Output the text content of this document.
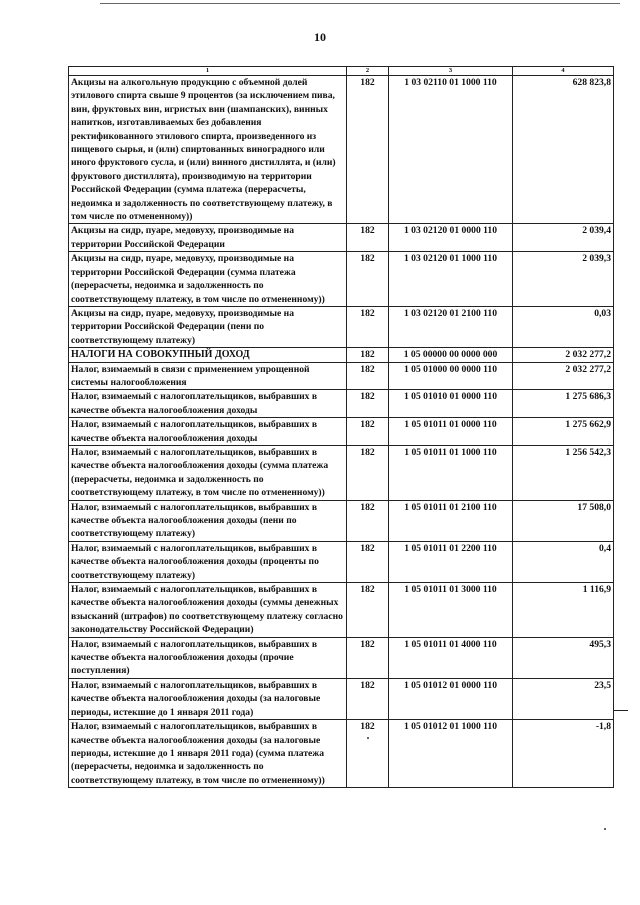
10
1	2	3	4
Акцизы на алкогольную продукцию с объемной долей этилового спирта свыше 9 процентов (за исключением пива, вин, фруктовых вин, игристых вин (шампанских), винных напитков, изготавливаемых без добавления ректификованного этилового спирта, произведенного из пищевого сырья, и (или) спиртованных виноградного или иного фруктового сусла, и (или) винного дистиллята, и (или) фруктового дистиллята), производимую на территории Российской Федерации (сумма платежа (перерасчеты, недоимка и задолженность по соответствующему платежу, в том числе по отмененному))	182	1 03 02110 01 1000 110	628 823,8
Акцизы на сидр, пуаре, медовуху, производимые на территории Российской Федерации	182	1 03 02120 01 0000 110	2 039,4
Акцизы на сидр, пуаре, медовуху, производимые на территории Российской Федерации (сумма платежа (перерасчеты, недоимка и задолженность по соответствующему платежу, в том числе по отмененному))	182	1 03 02120 01 1000 110	2 039,3
Акцизы на сидр, пуаре, медовуху, производимые на территории Российской Федерации (пени по соответствующему платежу)	182	1 03 02120 01 2100 110	0,03
НАЛОГИ НА СОВОКУПНЫЙ ДОХОД	182	1 05 00000 00 0000 000	2 032 277,2
Налог, взимаемый в связи с применением упрощенной системы налогообложения	182	1 05 01000 00 0000 110	2 032 277,2
Налог, взимаемый с налогоплательщиков, выбравших в качестве объекта налогообложения доходы	182	1 05 01010 01 0000 110	1 275 686,3
Налог, взимаемый с налогоплательщиков, выбравших в качестве объекта налогообложения доходы	182	1 05 01011 01 0000 110	1 275 662,9
Налог, взимаемый с налогоплательщиков, выбравших в качестве объекта налогообложения доходы (сумма платежа (перерасчеты, недоимка и задолженность по соответствующему платежу, в том числе по отмененному))	182	1 05 01011 01 1000 110	1 256 542,3
Налог, взимаемый с налогоплательщиков, выбравших в качестве объекта налогообложения доходы (пени по соответствующему платежу)	182	1 05 01011 01 2100 110	17 508,0
Налог, взимаемый с налогоплательщиков, выбравших в качестве объекта налогообложения доходы (проценты по соответствующему платежу)	182	1 05 01011 01 2200 110	0,4
Налог, взимаемый с налогоплательщиков, выбравших в качестве объекта налогообложения доходы (суммы денежных взысканий (штрафов) по соответствующему платежу согласно законодательству Российской Федерации)	182	1 05 01011 01 3000 110	1 116,9
Налог, взимаемый с налогоплательщиков, выбравших в качестве объекта налогообложения доходы (прочие поступления)	182	1 05 01011 01 4000 110	495,3
Налог, взимаемый с налогоплательщиков, выбравших в качестве объекта налогообложения доходы (за налоговые периоды, истекшие до 1 января 2011 года)	182	1 05 01012 01 0000 110	23,5
Налог, взимаемый с налогоплательщиков, выбравших в качестве объекта налогообложения доходы (за налоговые периоды, истекшие до 1 января 2011 года) (сумма платежа (перерасчеты, недоимка и задолженность по соответствующему платежу, в том числе по отмененному))	182	1 05 01012 01 1000 110	-1,8
